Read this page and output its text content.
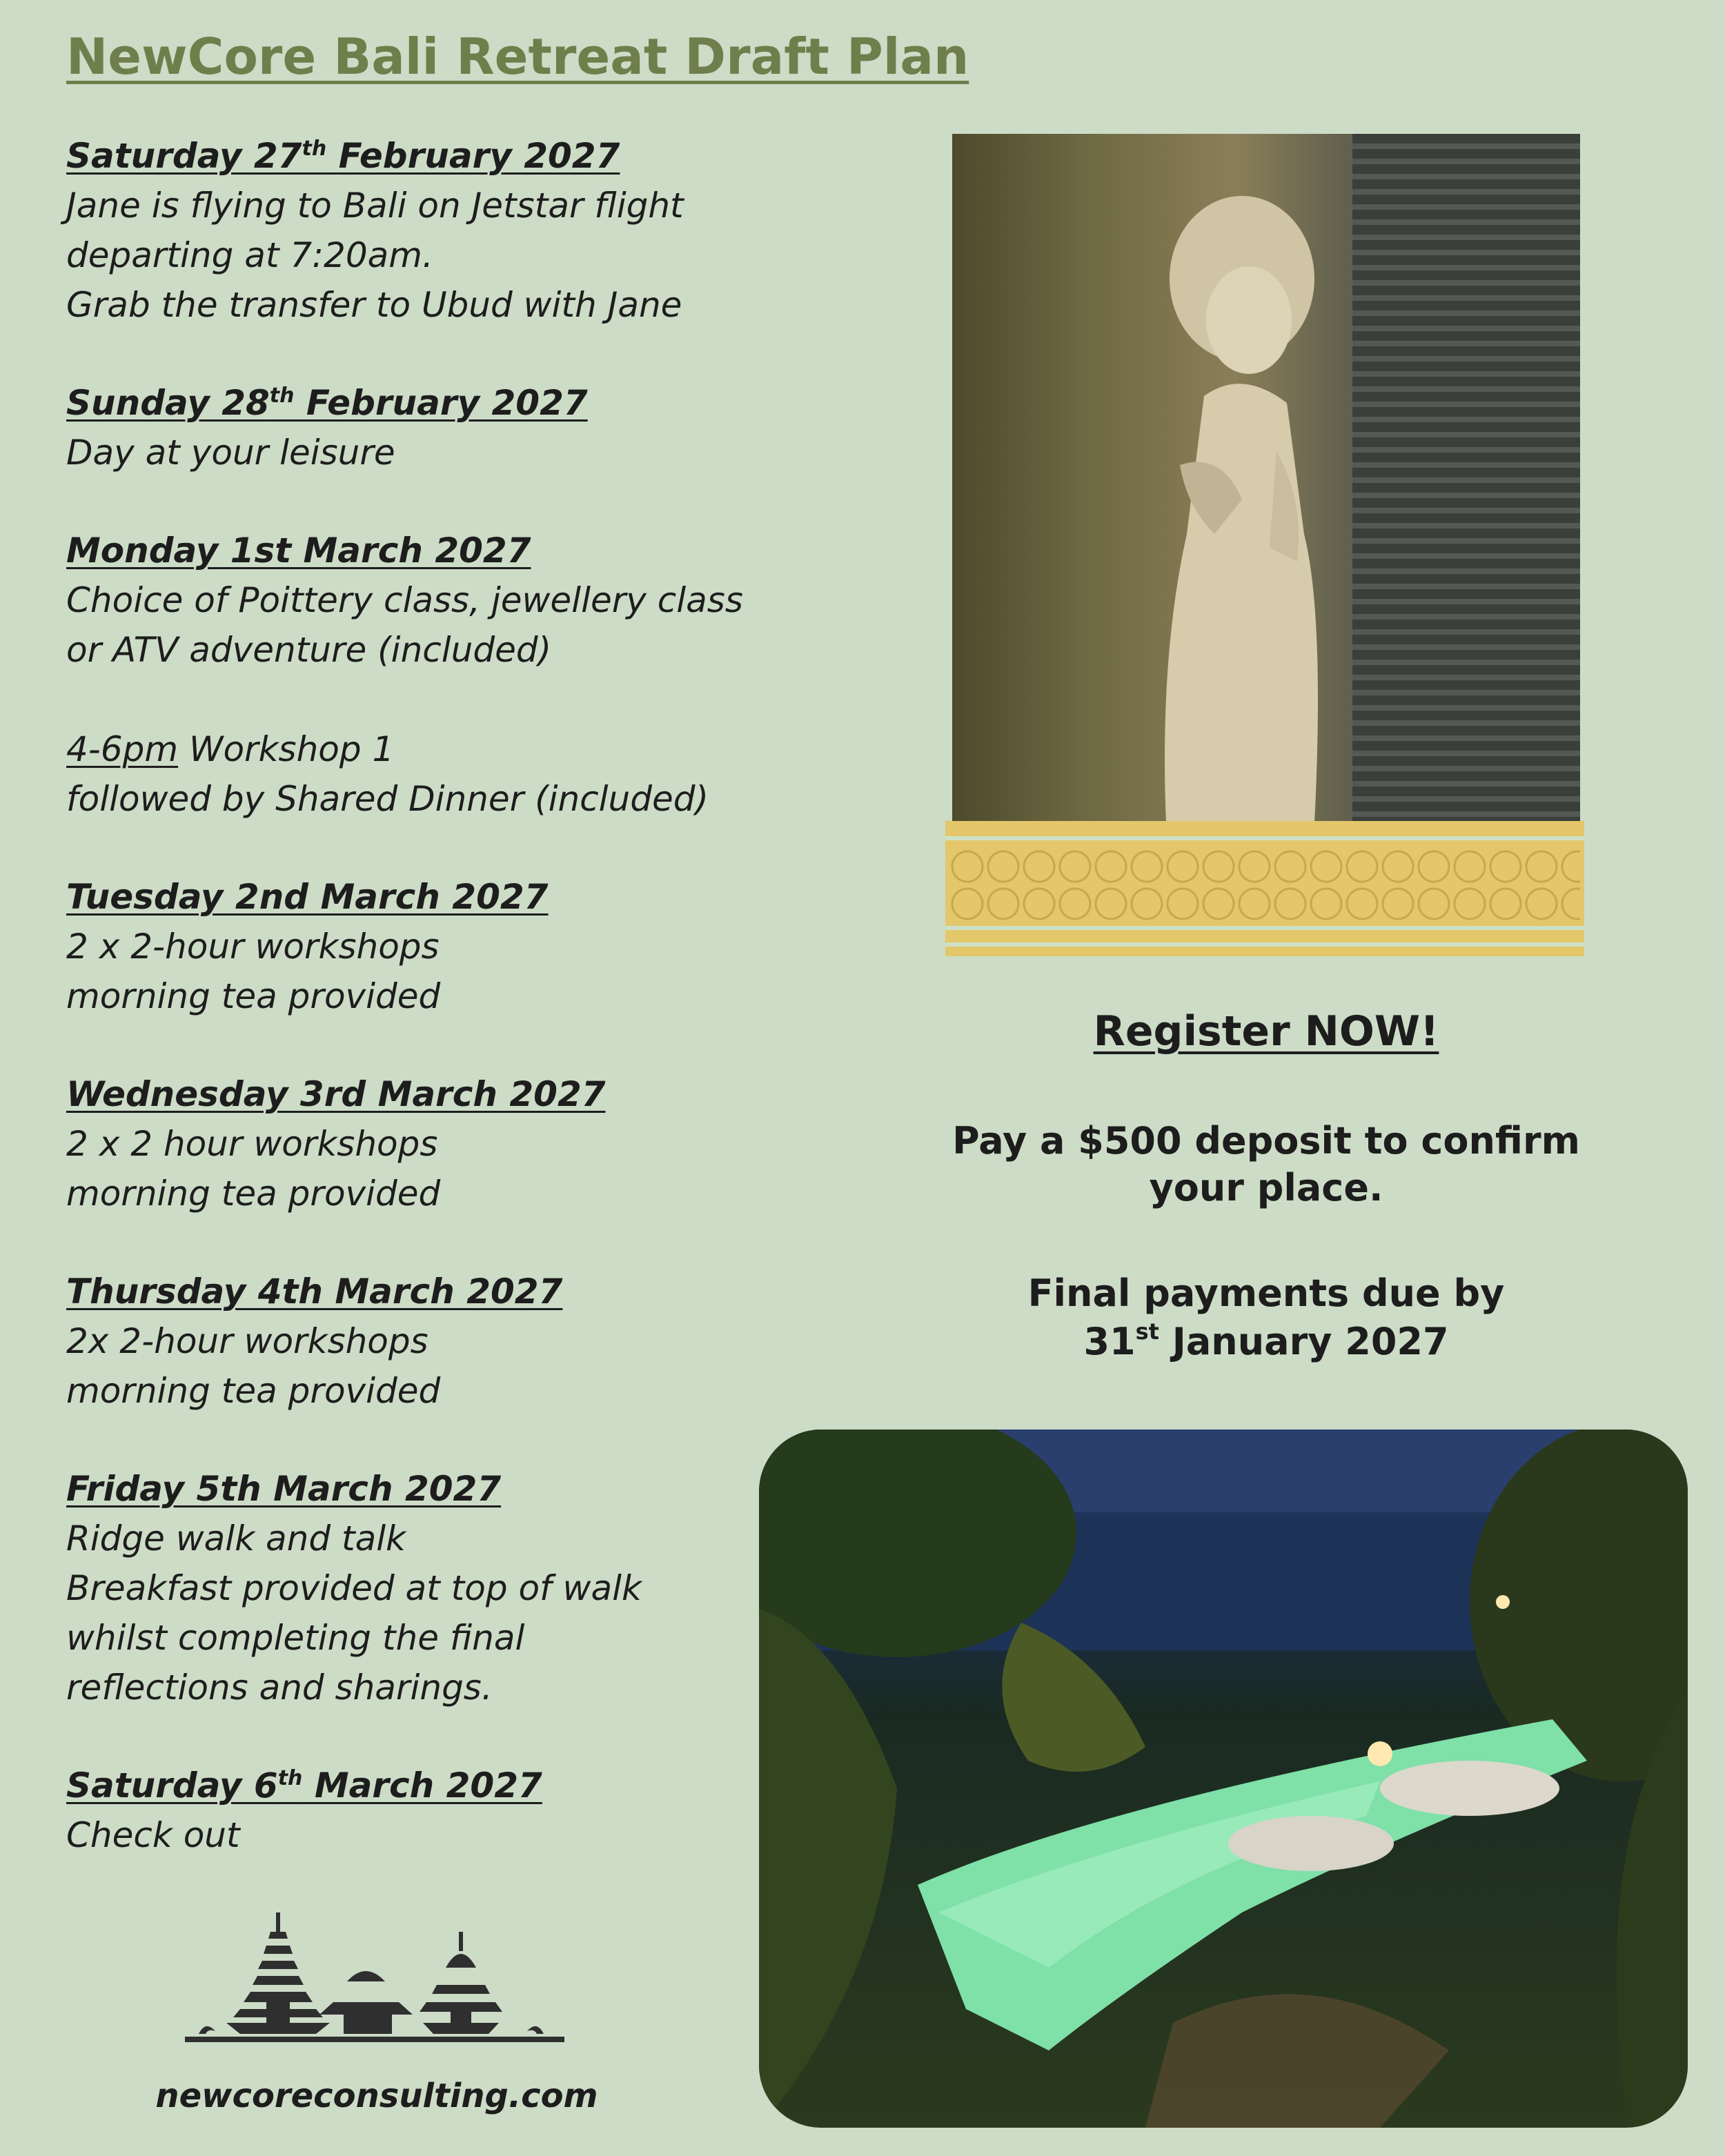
NewCore Bali Retreat Draft Plan
Saturday 27th February 2027
Jane is flying to Bali on Jetstar flight
departing at 7:20am.
Grab the transfer to Ubud with Jane
Sunday 28th February 2027
Day at your leisure
Monday 1st March 2027
Choice of Poittery class, jewellery class
or ATV adventure (included)
4-6pm Workshop 1
followed by Shared Dinner (included)
Tuesday 2nd March 2027
2 x 2-hour workshops
morning tea provided
Wednesday 3rd March 2027
2 x 2 hour workshops
morning tea provided
Thursday 4th March 2027
2x 2-hour workshops
morning tea provided
Friday 5th March 2027
Ridge walk and talk
Breakfast provided at top of walk
whilst completing the final
reflections and sharings.
Saturday 6th March 2027
Check out
Register NOW!
Pay a $500 deposit to confirm
your place.
Final payments due by
31st January 2027
newcoreconsulting.com
